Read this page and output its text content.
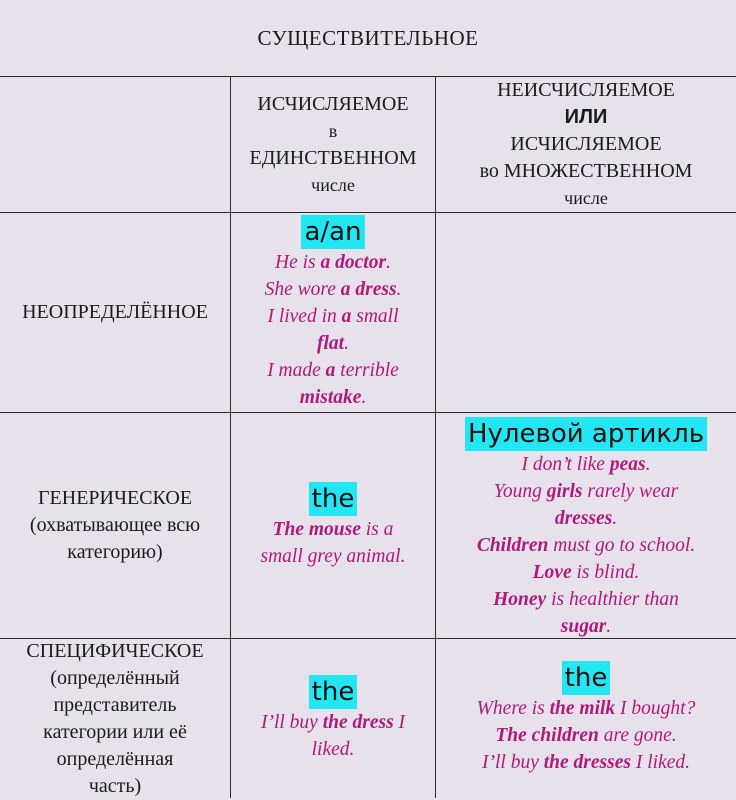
СУЩЕСТВИТЕЛЬНОЕ
ИСЧИСЛЯЕМОЕ
в
ЕДИНСТВЕННОМ
числе
НЕИСЧИСЛЯЕМОЕ
ИЛИ
ИСЧИСЛЯЕМОЕ
во МНОЖЕСТВЕННОМ
числе
НЕОПРЕДЕЛЁННОЕ
a/an
He is a doctor.
She wore a dress.
I lived in a small
flat.
I made a terrible
mistake.
ГЕНЕРИЧЕСКОЕ
(охватывающее всю
категорию)
the
The mouse is a
small grey animal.
Нулевой артикль
I don’t like peas.
Young girls rarely wear
dresses.
Children must go to school.
Love is blind.
Honey is healthier than
sugar.
СПЕЦИФИЧЕСКОЕ
(определённый
представитель
категории или её
определённая
часть)
the
I’ll buy the dress I
liked.
the
Where is the milk I bought?
The children are gone.
I’ll buy the dresses I liked.
